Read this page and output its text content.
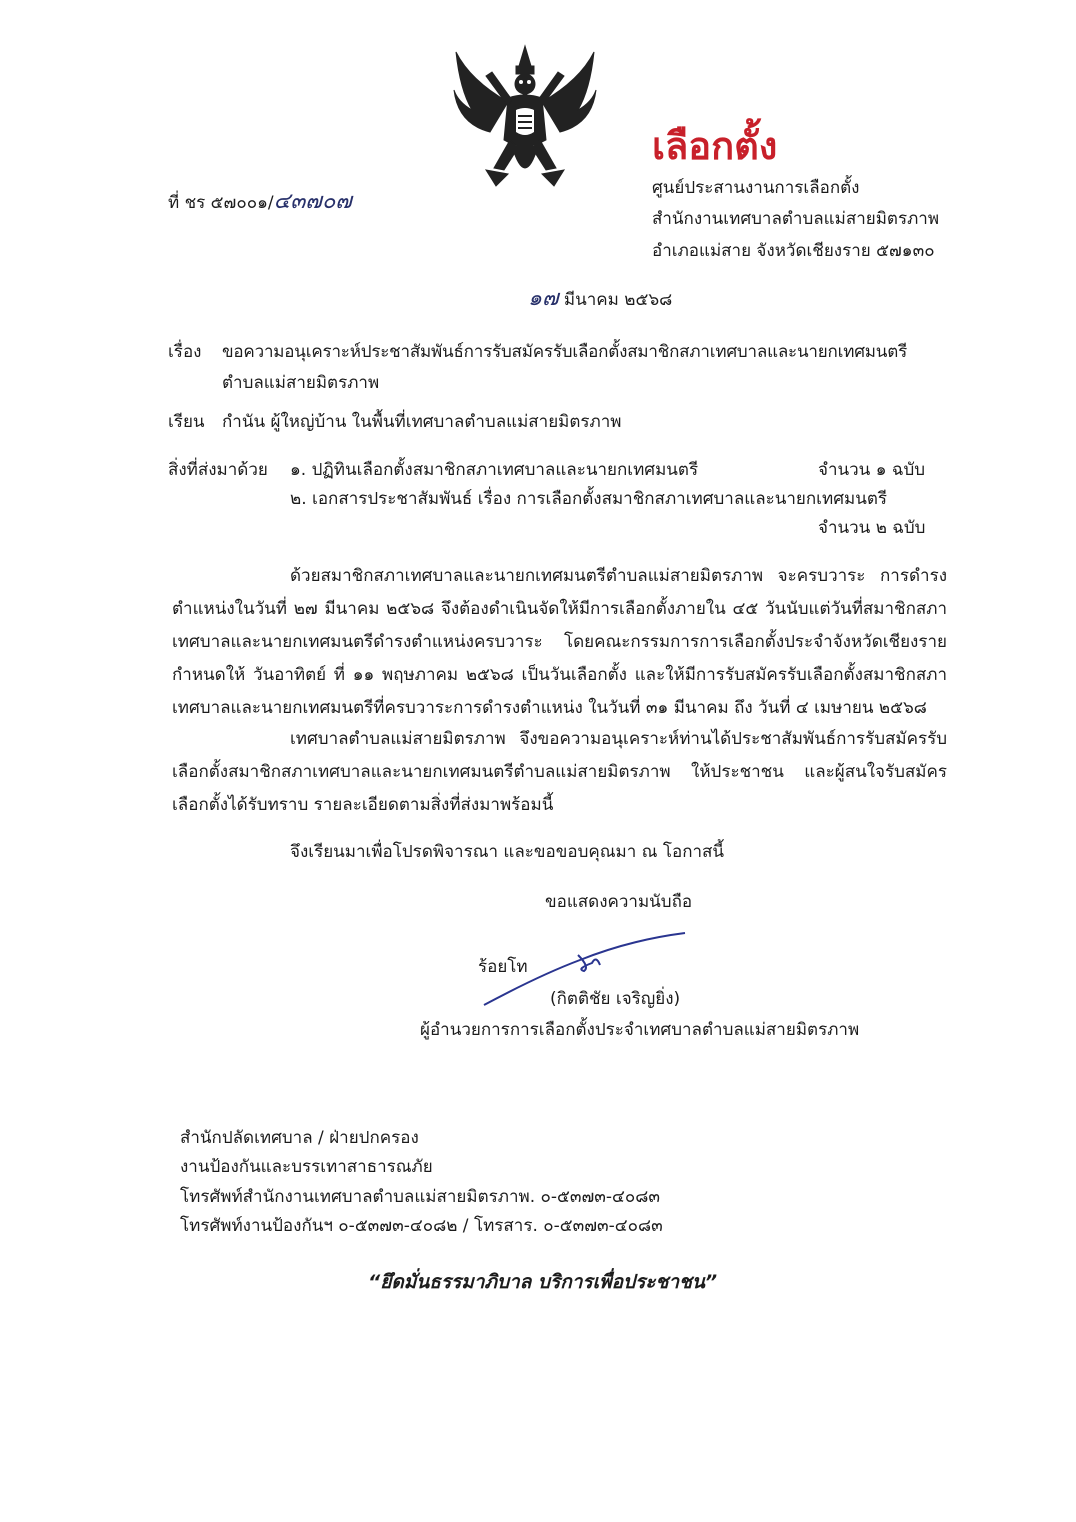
ที่ ชร ๕๗๐๐๑/๔๓๗๐๗
เลือกตั้ง
ศูนย์ประสานงานการเลือกตั้ง
สำนักงานเทศบาลตำบลแม่สายมิตรภาพ
อำเภอแม่สาย จังหวัดเชียงราย ๕๗๑๓๐
๑๗ มีนาคม ๒๕๖๘
เรื่อง ขอความอนุเคราะห์ประชาสัมพันธ์การรับสมัครรับเลือกตั้งสมาชิกสภาเทศบาลและนายกเทศมนตรี
ตำบลแม่สายมิตรภาพ
เรียน กำนัน ผู้ใหญ่บ้าน ในพื้นที่เทศบาลตำบลแม่สายมิตรภาพ
สิ่งที่ส่งมาด้วย ๑. ปฏิทินเลือกตั้งสมาชิกสภาเทศบาลและนายกเทศมนตรี	จำนวน ๑ ฉบับ
๒. เอกสารประชาสัมพันธ์ เรื่อง การเลือกตั้งสมาชิกสภาเทศบาลและนายกเทศมนตรี
จำนวน ๒ ฉบับ

ด้วยสมาชิกสภาเทศบาลและนายกเทศมนตรีตำบลแม่สายมิตรภาพ จะครบวาระ การดำรงตำแหน่งในวันที่ ๒๗ มีนาคม ๒๕๖๘ จึงต้องดำเนินจัดให้มีการเลือกตั้งภายใน ๔๕ วันนับแต่วันที่สมาชิกสภาเทศบาลและนายกเทศมนตรีดำรงตำแหน่งครบวาระ โดยคณะกรรมการการเลือกตั้งประจำจังหวัดเชียงราย กำหนดให้ วันอาทิตย์ ที่ ๑๑ พฤษภาคม ๒๕๖๘ เป็นวันเลือกตั้ง และให้มีการรับสมัครรับเลือกตั้งสมาชิกสภาเทศบาลและนายกเทศมนตรีที่ครบวาระการดำรงตำแหน่ง ในวันที่ ๓๑ มีนาคม ถึง วันที่ ๔ เมษายน ๒๕๖๘

เทศบาลตำบลแม่สายมิตรภาพ จึงขอความอนุเคราะห์ท่านได้ประชาสัมพันธ์การรับสมัครรับเลือกตั้งสมาชิกสภาเทศบาลและนายกเทศมนตรีตำบลแม่สายมิตรภาพ ให้ประชาชน และผู้สนใจรับสมัครเลือกตั้งได้รับทราบ รายละเอียดตามสิ่งที่ส่งมาพร้อมนี้

จึงเรียนมาเพื่อโปรดพิจารณา และขอขอบคุณมา ณ โอกาสนี้
ขอแสดงความนับถือ
ร้อยโท
(กิตติชัย เจริญยิ่ง)
ผู้อำนวยการการเลือกตั้งประจำเทศบาลตำบลแม่สายมิตรภาพ
สำนักปลัดเทศบาล / ฝ่ายปกครอง
งานป้องกันและบรรเทาสาธารณภัย
โทรศัพท์สำนักงานเทศบาลตำบลแม่สายมิตรภาพ. ๐-๕๓๗๓-๔๐๘๓
โทรศัพท์งานป้องกันฯ ๐-๕๓๗๓-๔๐๘๒ / โทรสาร. ๐-๕๓๗๓-๔๐๘๓
“ยึดมั่นธรรมาภิบาล บริการเพื่อประชาชน”
